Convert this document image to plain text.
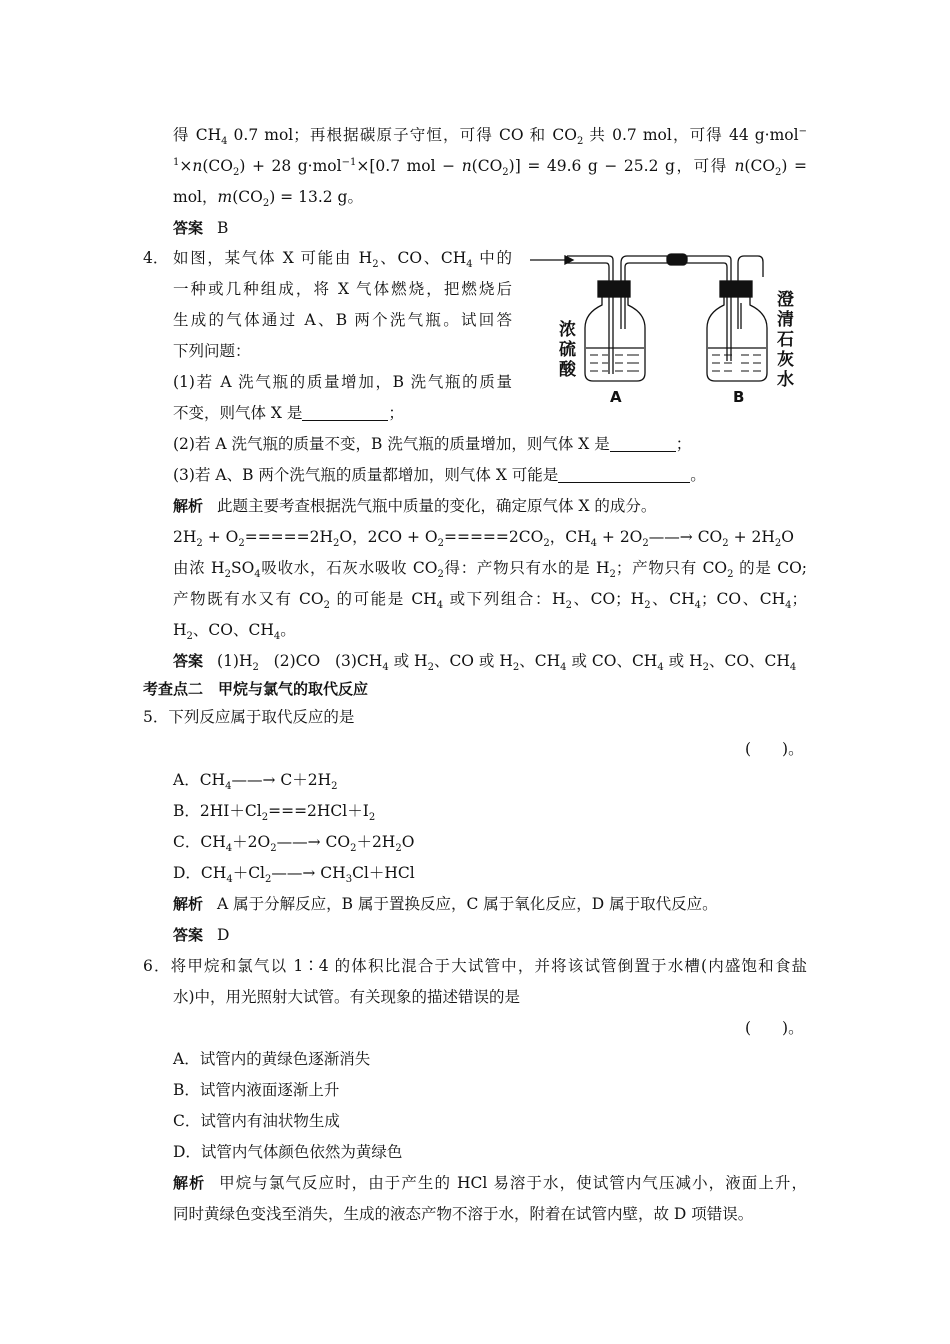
得 $CH_4$ 0.7 mol；再根据碳原子守恒，可得 CO 和 $CO_2$ 共 0.7 mol，可得 44 g·mol−
$^1\times n(CO_2) + 28$ g·mol$^{-1}$×[0.7 mol − $n(CO_2)] = 49.6$ g − 25.2 g，可得 $n(CO_2)$ =
mol，$m(CO_2) = 13.2$ g。
答案 B
4． 如图，某气体 X 可能由 $H_2$、CO、$CH_4$ 中的
一种或几种组成，将 X 气体燃烧，把燃烧后
生成的气体通过 A、B 两个洗气瓶。试回答
下列问题：
(1)若 A 洗气瓶的质量增加，B 洗气瓶的质量
不变，则气体 X 是	；
(2)若 A 洗气瓶的质量不变，B 洗气瓶的质量增加，则气体 X 是	；
(3)若 A、B 两个洗气瓶的质量都增加，则气体 X 可能是	。
解析 此题主要考查根据洗气瓶中质量的变化，确定原气体 X 的成分。
$2H_2 + O_2=====2H_2O$，$2CO + O_2=====2CO_2$，$CH_4$ + $2O_2——\to CO_2 + 2H_2O$
由浓 $H_2SO_4$吸收水，石灰水吸收 $CO_2$得：产物只有水的是 $H_2$；产物只有 $CO_2$ 的是 CO;
产物既有水又有 $CO_2$ 的可能是 $CH_4$ 或下列组合：$H_2$、CO；$H_2$、$CH_4$；CO、$CH_4$；
$H_2$、CO、$CH_4$。
答案 $(1)H_2$ (2)CO $(3)CH_4$ 或 $H_2$、CO 或 $H_2$、$CH_4$ 或 CO、$CH_4$ 或 $H_2$、CO、$CH_4$
浓
硫
酸
澄
清
石
灰
水
A	B
考查点二　甲烷与氯气的取代反应
5．下列反应属于取代反应的是
(　　)。
A．$CH_4——\to C+2H_2$
B．$2HI+Cl_2===2HCl+I_2$
C．$CH_4+2O_2——\to CO_2+2H_2O$
D．$CH_4+Cl_2——\to CH_3Cl+HCl$
解析 A 属于分解反应，B 属于置换反应，C 属于氧化反应，D 属于取代反应。
答案 D
6．将甲烷和氯气以 1∶4 的体积比混合于大试管中，并将该试管倒置于水槽(内盛饱和食盐
水)中，用光照射大试管。有关现象的描述错误的是
(　　)。
A．试管内的黄绿色逐渐消失
B．试管内液面逐渐上升
C．试管内有油状物生成
D．试管内气体颜色依然为黄绿色
解析 甲烷与氯气反应时，由于产生的 HCl 易溶于水，使试管内气压减小，液面上升，
同时黄绿色变浅至消失，生成的液态产物不溶于水，附着在试管内壁，故 D 项错误。
